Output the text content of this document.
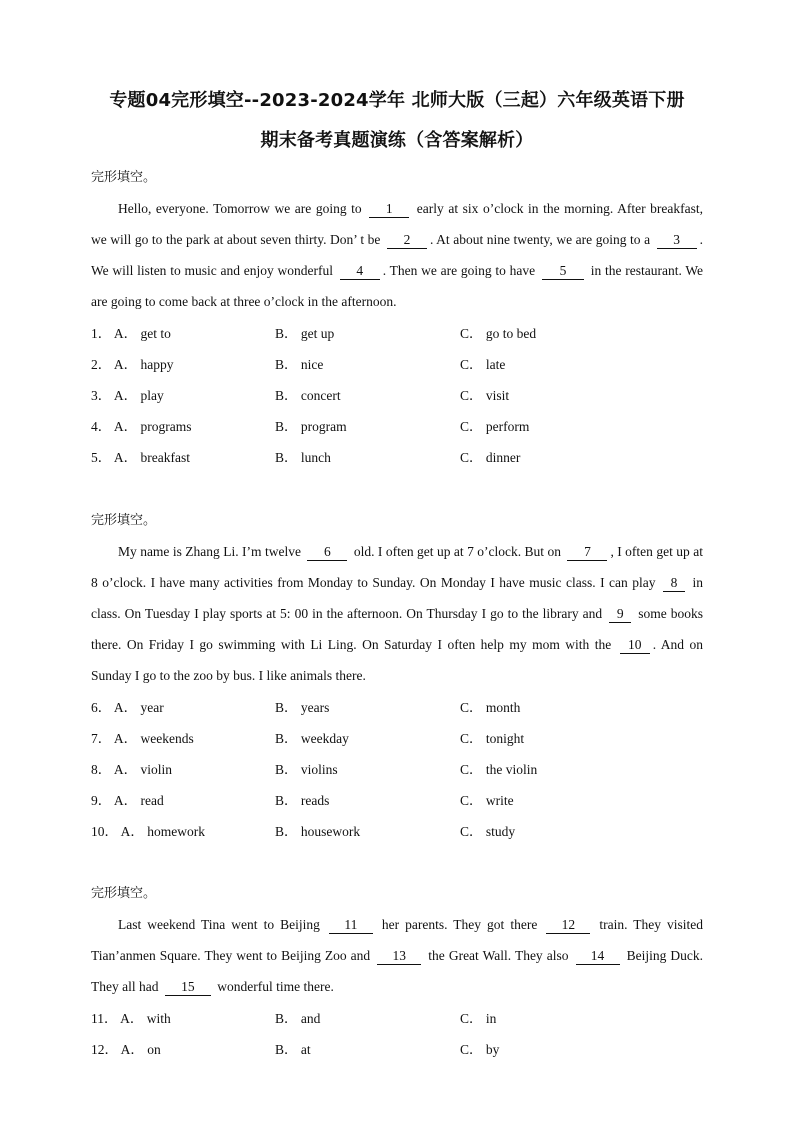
专题04完形填空--2023-2024学年 北师大版（三起）六年级英语下册
期末备考真题演练（含答案解析）
完形填空。
Hello, everyone. Tomorrow we are going to 1 early at six o’clock in the morning. After breakfast, we will go to the park at about seven thirty. Don’ t be 2 . At about nine twenty, we are going to a 3 . We will listen to music and enjoy wonderful 4 . Then we are going to have 5 in the restaurant. We are going to come back at three o’clock in the afternoon.
1． A． get to	B． get up	C． go to bed
2． A． happy	B． nice	C． late
3． A． play	B． concert	C． visit
4． A． programs	B． program	C． perform
5． A． breakfast	B． lunch	C． dinner
完形填空。
My name is Zhang Li. I’m twelve 6 old. I often get up at 7 o’clock. But on 7 , I often get up at 8 o’clock. I have many activities from Monday to Sunday. On Monday I have music class. I can play 8 in class. On Tuesday I play sports at 5: 00 in the afternoon. On Thursday I go to the library and 9 some books there. On Friday I go swimming with Li Ling. On Saturday I often help my mom with the 10 . And on Sunday I go to the zoo by bus. I like animals there.
6． A． year	B． years	C． month
7． A． weekends	B． weekday	C． tonight
8． A． violin	B． violins	C． the violin
9． A． read	B． reads	C． write
10． A． homework	B． housework	C． study
完形填空。
Last weekend Tina went to Beijing 11 her parents. They got there 12 train. They visited Tian’anmen Square. They went to Beijing Zoo and 13 the Great Wall. They also 14 Beijing Duck. They all had 15 wonderful time there.
11． A． with	B． and	C． in
12． A． on	B． at	C． by
